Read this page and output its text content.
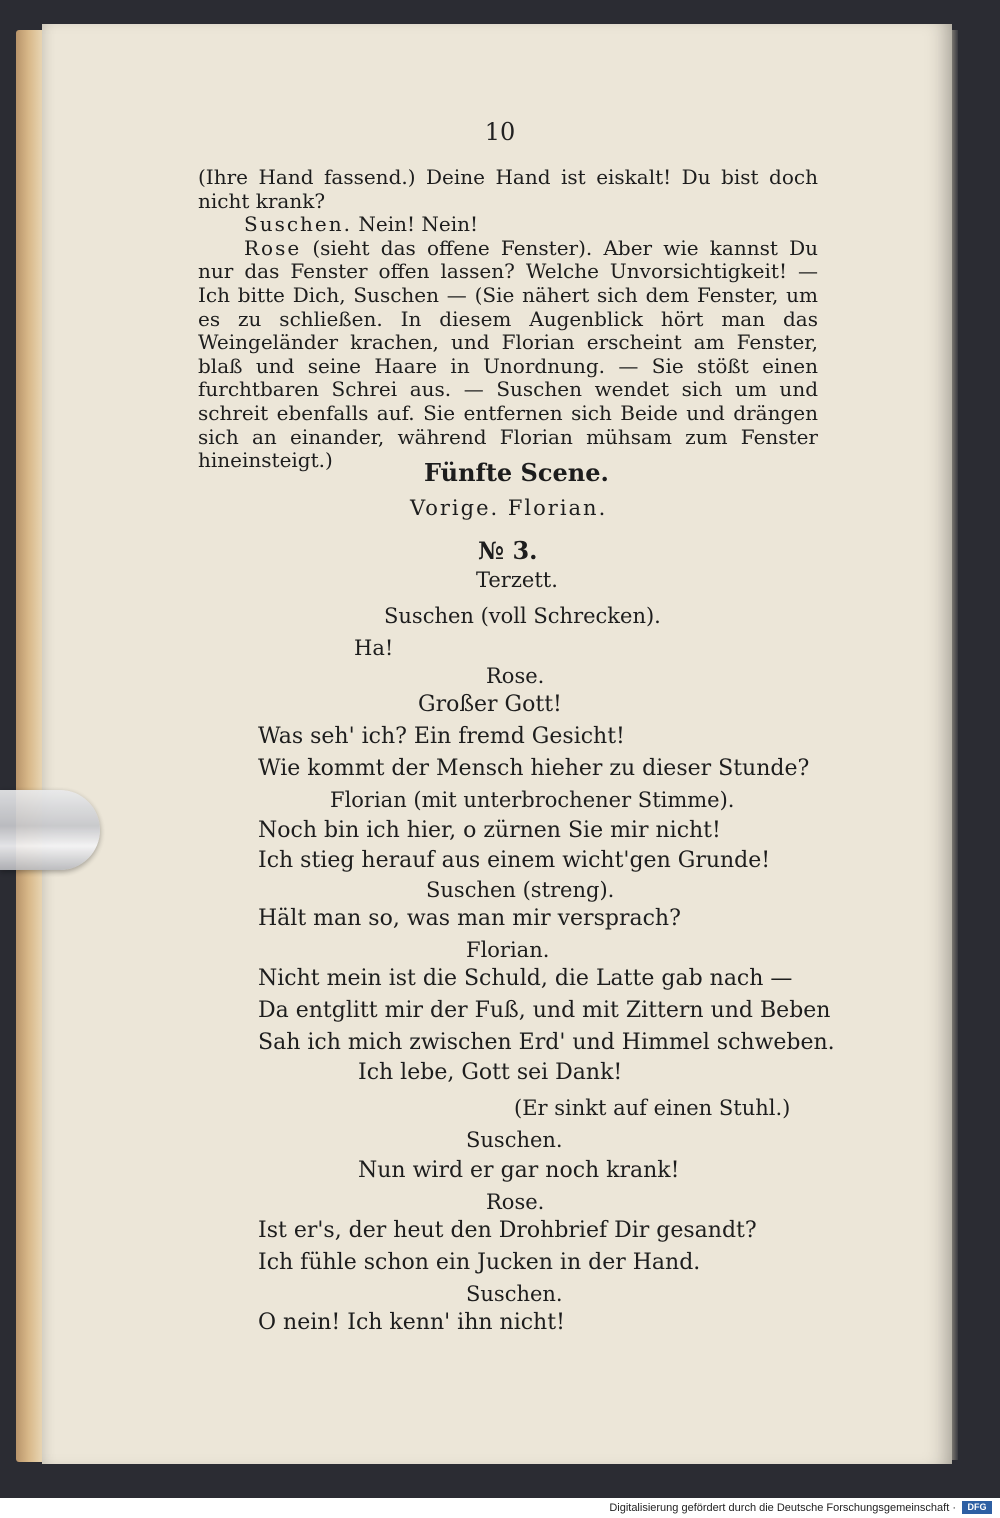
10

(Ihre Hand fassend.) Deine Hand ist eiskalt! Du bist doch nicht krank?

Suschen. Nein! Nein!

Rose (sieht das offene Fenster). Aber wie kannst Du nur das Fenster offen lassen? Welche Unvorsichtigkeit! — Ich bitte Dich, Suschen — (Sie nähert sich dem Fenster, um es zu schließen. In diesem Augenblick hört man das Weingeländer krachen, und Florian erscheint am Fenster, blaß und seine Haare in Unordnung. — Sie stößt einen furchtbaren Schrei aus. — Suschen wendet sich um und schreit ebenfalls auf. Sie entfernen sich Beide und drängen sich an einander, während Florian mühsam zum Fenster hineinsteigt.)	Fünfte Scene.
Vorige. Florian.
№ 3.
Terzett.
Suschen (voll Schrecken).
Ha!
Rose.
Großer Gott!
Was seh' ich? Ein fremd Gesicht!
Wie kommt der Mensch hieher zu dieser Stunde?
Florian (mit unterbrochener Stimme).
Noch bin ich hier, o zürnen Sie mir nicht!
Ich stieg herauf aus einem wicht'gen Grunde!
Suschen (streng).
Hält man so, was man mir versprach?
Florian.
Nicht mein ist die Schuld, die Latte gab nach —
Da entglitt mir der Fuß, und mit Zittern und Beben
Sah ich mich zwischen Erd' und Himmel schweben.
Ich lebe, Gott sei Dank!
(Er sinkt auf einen Stuhl.)
Suschen.
Nun wird er gar noch krank!
Rose.
Ist er's, der heut den Drohbrief Dir gesandt?
Ich fühle schon ein Jucken in der Hand.
Suschen.
O nein! Ich kenn' ihn nicht!
Digitalisierung gefördert durch die Deutsche Forschungsgemeinschaft ·	DFG
